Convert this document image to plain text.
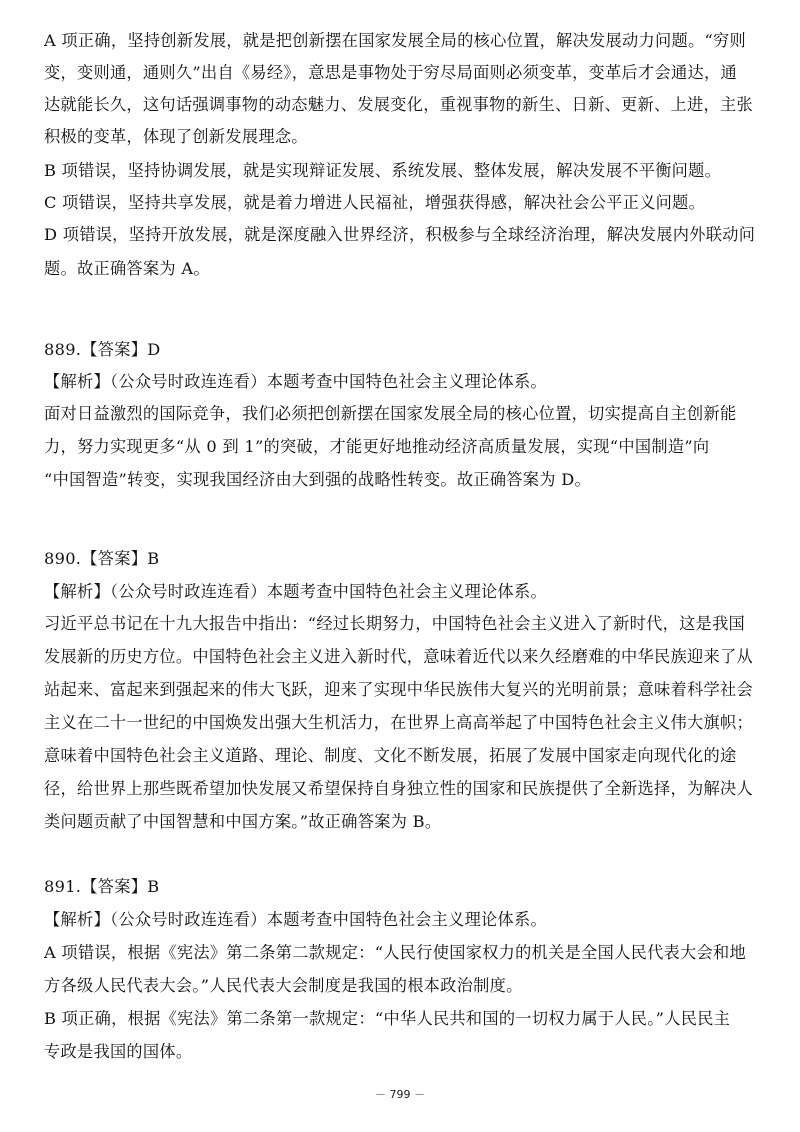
A 项正确，坚持创新发展，就是把创新摆在国家发展全局的核心位置，解决发展动力问题。“穷则
变，变则通，通则久”出自《易经》，意思是事物处于穷尽局面则必须变革，变革后才会通达，通
达就能长久，这句话强调事物的动态魅力、发展变化，重视事物的新生、日新、更新、上进，主张
积极的变革，体现了创新发展理念。
B 项错误，坚持协调发展，就是实现辩证发展、系统发展、整体发展，解决发展不平衡问题。
C 项错误，坚持共享发展，就是着力增进人民福祉，增强获得感，解决社会公平正义问题。
D 项错误，坚持开放发展，就是深度融入世界经济，积极参与全球经济治理，解决发展内外联动问
题。故正确答案为 A。
889.【答案】D
【解析】（公众号时政连连看）本题考查中国特色社会主义理论体系。
面对日益激烈的国际竞争，我们必须把创新摆在国家发展全局的核心位置，切实提高自主创新能
力，努力实现更多“从 0 到 1”的突破，才能更好地推动经济高质量发展，实现“中国制造”向
“中国智造”转变，实现我国经济由大到强的战略性转变。故正确答案为 D。
890.【答案】B
【解析】（公众号时政连连看）本题考查中国特色社会主义理论体系。
习近平总书记在十九大报告中指出：“经过长期努力，中国特色社会主义进入了新时代，这是我国
发展新的历史方位。中国特色社会主义进入新时代，意味着近代以来久经磨难的中华民族迎来了从
站起来、富起来到强起来的伟大飞跃，迎来了实现中华民族伟大复兴的光明前景；意味着科学社会
主义在二十一世纪的中国焕发出强大生机活力，在世界上高高举起了中国特色社会主义伟大旗帜；
意味着中国特色社会主义道路、理论、制度、文化不断发展，拓展了发展中国家走向现代化的途
径，给世界上那些既希望加快发展又希望保持自身独立性的国家和民族提供了全新选择，为解决人
类问题贡献了中国智慧和中国方案。”故正确答案为 B。
891.【答案】B
【解析】（公众号时政连连看）本题考查中国特色社会主义理论体系。
A 项错误，根据《宪法》第二条第二款规定：“人民行使国家权力的机关是全国人民代表大会和地
方各级人民代表大会。”人民代表大会制度是我国的根本政治制度。
B 项正确，根据《宪法》第二条第一款规定：“中华人民共和国的一切权力属于人民。”人民民主
专政是我国的国体。
－ 799 －
